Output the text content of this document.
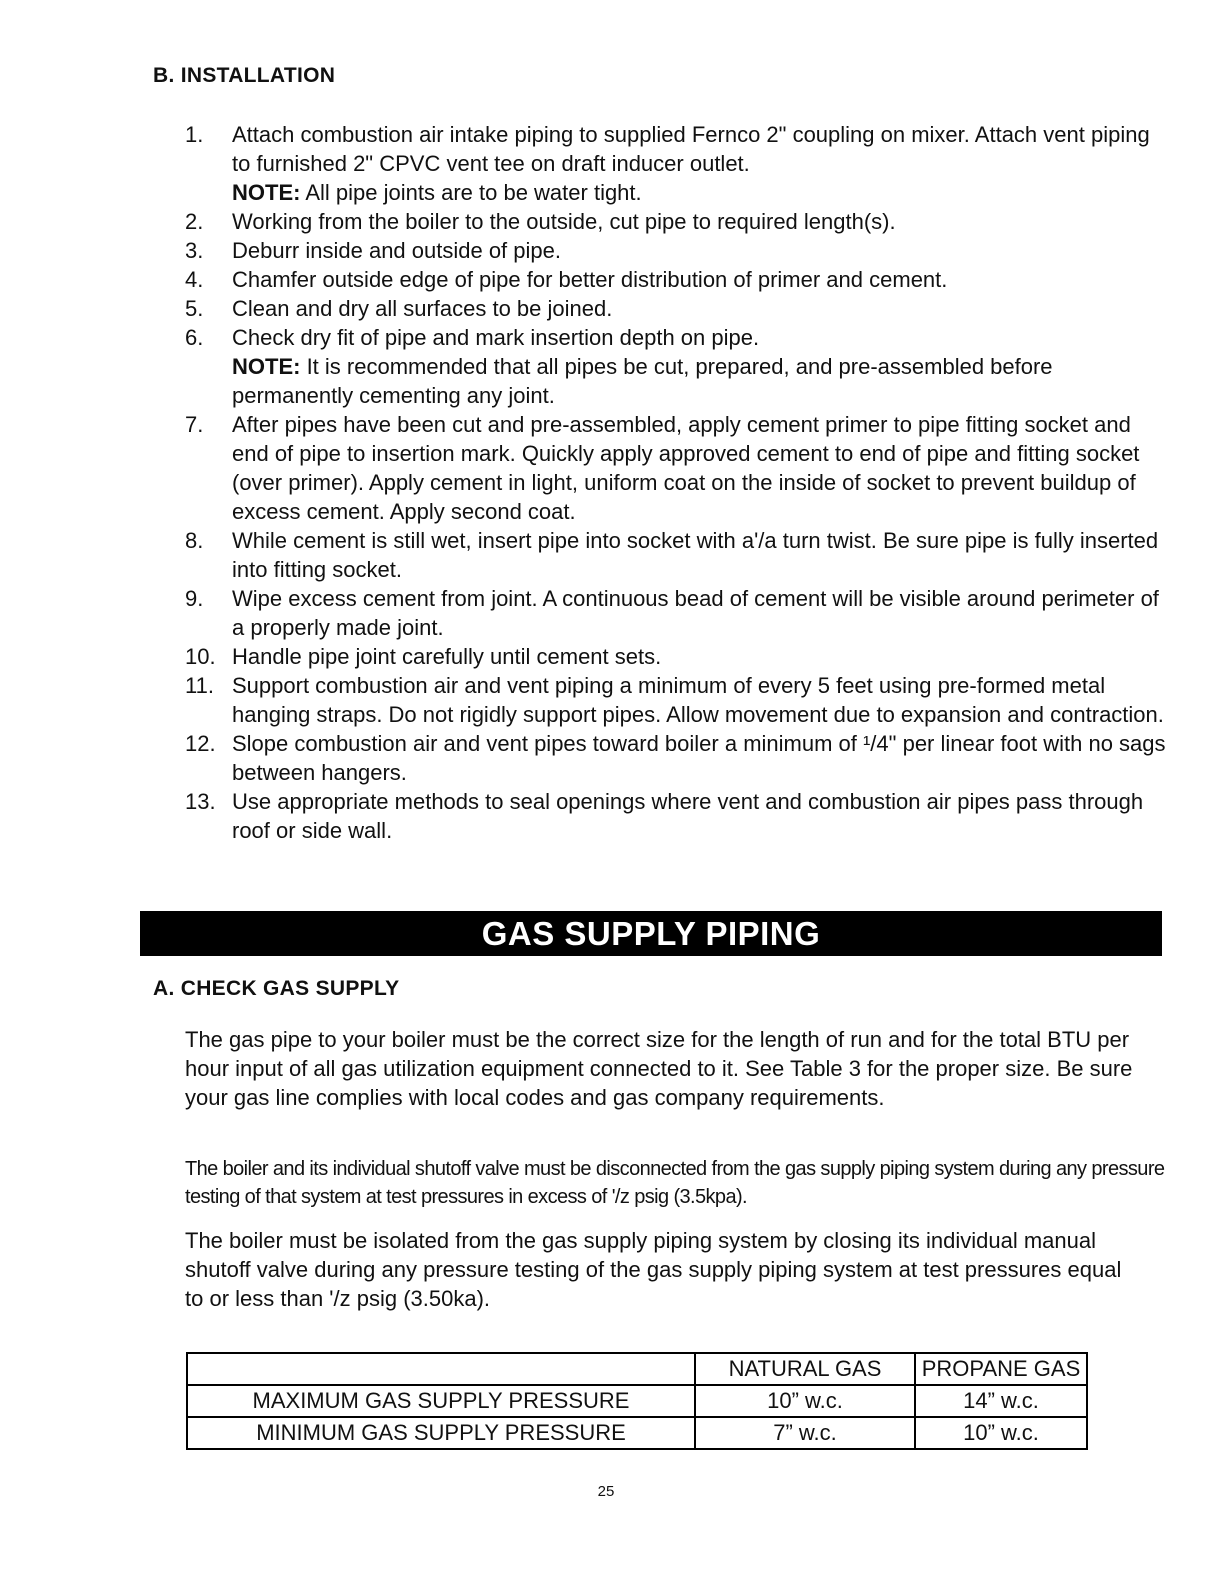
B. INSTALLATION
1.	Attach combustion air intake piping to supplied Fernco 2" coupling on mixer. Attach vent piping to furnished 2" CPVC vent tee on draft inducer outlet.
NOTE: All pipe joints are to be water tight.
2.	Working from the boiler to the outside, cut pipe to required length(s).
3.	Deburr inside and outside of pipe.
4.	Chamfer outside edge of pipe for better distribution of primer and cement.
5.	Clean and dry all surfaces to be joined.
6.	Check dry fit of pipe and mark insertion depth on pipe.
NOTE: It is recommended that all pipes be cut, prepared, and pre-assembled before permanently cementing any joint.
7.	After pipes have been cut and pre-assembled, apply cement primer to pipe fitting socket and end of pipe to insertion mark. Quickly apply approved cement to end of pipe and fitting socket (over primer). Apply cement in light, uniform coat on the inside of socket to prevent buildup of excess cement. Apply second coat.
8.	While cement is still wet, insert pipe into socket with a'/a turn twist. Be sure pipe is fully inserted into fitting socket.
9.	Wipe excess cement from joint. A continuous bead of cement will be visible around perimeter of a properly made joint.
10. Handle pipe joint carefully until cement sets.
11. Support combustion air and vent piping a minimum of every 5 feet using pre-formed metal hanging straps. Do not rigidly support pipes. Allow movement due to expansion and contraction.
12. Slope combustion air and vent pipes toward boiler a minimum of ¹/4" per linear foot with no sags between hangers.
13. Use appropriate methods to seal openings where vent and combustion air pipes pass through roof or side wall.
GAS SUPPLY PIPING
A. CHECK GAS SUPPLY

The gas pipe to your boiler must be the correct size for the length of run and for the total BTU per hour input of all gas utilization equipment connected to it. See Table 3 for the proper size. Be sure your gas line complies with local codes and gas company requirements.

The boiler and its individual shutoff valve must be disconnected from the gas supply piping system during any pressure testing of that system at test pressures in excess of '/z psig (3.5kpa).

The boiler must be isolated from the gas supply piping system by closing its individual manual shutoff valve during any pressure testing of the gas supply piping system at test pressures equal to or less than '/z psig (3.50ka).

	NATURAL GAS	PROPANE GAS
MAXIMUM GAS SUPPLY PRESSURE	10” w.c.	14” w.c.
MINIMUM GAS SUPPLY PRESSURE	7” w.c.	10” w.c.
25
